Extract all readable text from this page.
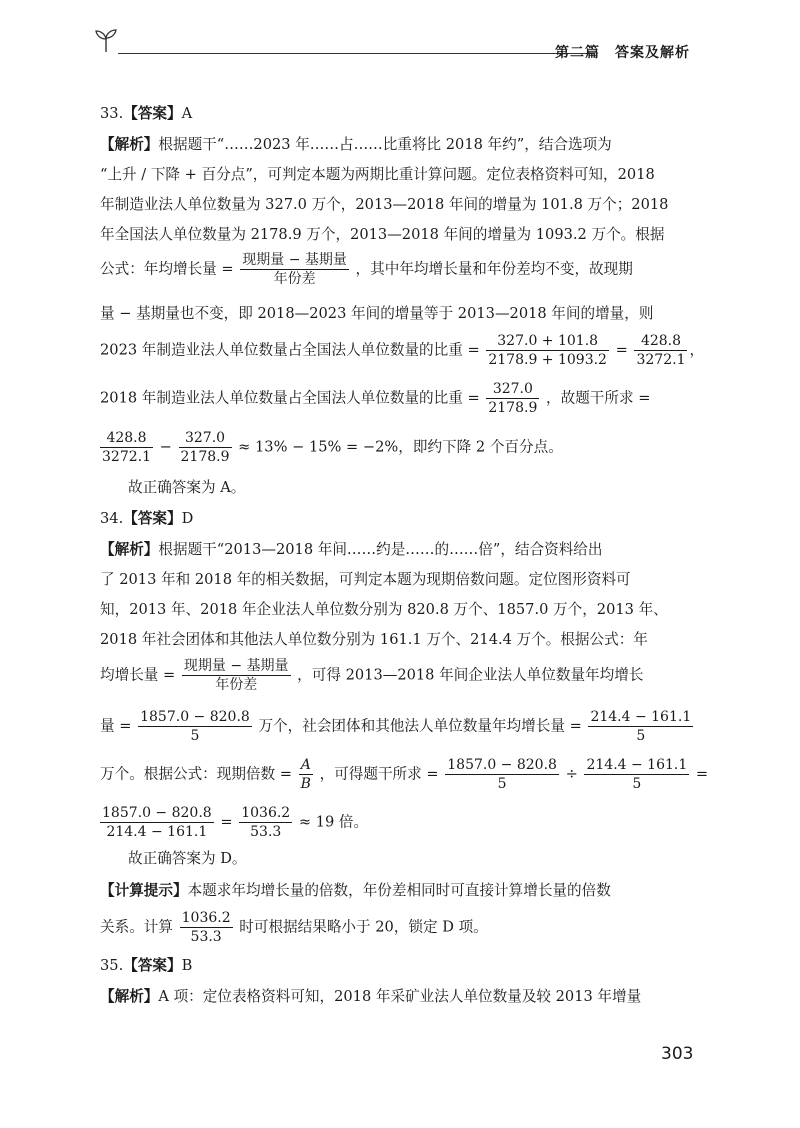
第二篇　答案及解析
33.【答案】A
【解析】根据题干“……2023 年……占……比重将比 2018 年约”，结合选项为
“上升 / 下降 + 百分点”，可判定本题为两期比重计算问题。定位表格资料可知，2018
年制造业法人单位数量为 327.0 万个，2013—2018 年间的增量为 101.8 万个；2018
年全国法人单位数量为 2178.9 万个，2013—2018 年间的增量为 1093.2 万个。根据
公式：年均增长量 = $\frac{\text{现期量 − 基期量}}{\text{年份差}}$ ，其中年均增长量和年份差均不变，故现期
量 − 基期量也不变，即 2018—2023 年间的增量等于 2013—2018 年间的增量，则
2023 年制造业法人单位数量占全国法人单位数量的比重 = $\frac{327.0 + 101.8}{2178.9 + 1093.2} = \frac{428.8}{3272.1}$ ，
2018 年制造业法人单位数量占全国法人单位数量的比重 = $\frac{327.0}{2178.9}$ ，故题干所求 =
$\frac{428.8}{3272.1} - \frac{327.0}{2178.9} \approx 13\% - 15\% = -2\%$，即约下降 2 个百分点。
故正确答案为 A。
34.【答案】D
【解析】根据题干“2013—2018 年间……约是……的……倍”，结合资料给出
了 2013 年和 2018 年的相关数据，可判定本题为现期倍数问题。定位图形资料可
知，2013 年、2018 年企业法人单位数分别为 820.8 万个、1857.0 万个，2013 年、
2018 年社会团体和其他法人单位数分别为 161.1 万个、214.4 万个。根据公式：年
均增长量 = $\frac{\text{现期量 − 基期量}}{\text{年份差}}$ ，可得 2013—2018 年间企业法人单位数量年均增长
量 = $\frac{1857.0 - 820.8}{5}$ 万个，社会团体和其他法人单位数量年均增长量 = $\frac{214.4 - 161.1}{5}$
万个。根据公式：现期倍数 = $\frac{A}{B}$ ，可得题干所求 = $\frac{1857.0 - 820.8}{5} \div \frac{214.4 - 161.1}{5}$ =
$\frac{1857.0 - 820.8}{214.4 - 161.1} = \frac{1036.2}{53.3} \approx 19$ 倍。
故正确答案为 D。
【计算提示】本题求年均增长量的倍数，年份差相同时可直接计算增长量的倍数
关系。计算 $\frac{1036.2}{53.3}$ 时可根据结果略小于 20，锁定 D 项。
35.【答案】B
【解析】A 项：定位表格资料可知，2018 年采矿业法人单位数量及较 2013 年增量
303
